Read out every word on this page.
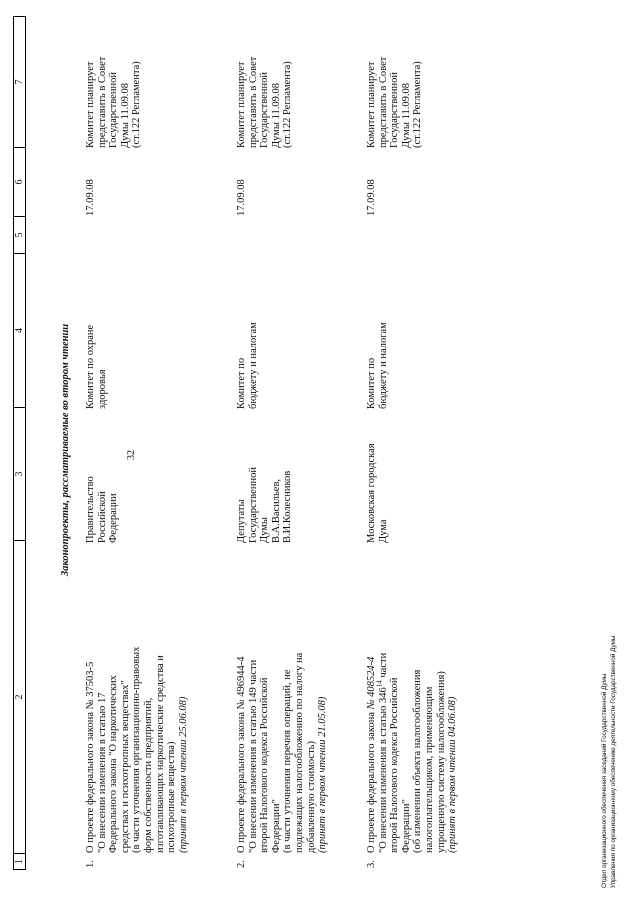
32
1
2
3
4
5
6
7
Законопроекты, рассматриваемые во втором чтении
1.
О проекте федерального закона № 37503-5 "О внесении изменения в статью 17 Федерального закона "О наркотических средствах и психотропных веществах" (в части уточнения организационно-правовых форм собственности предприятий, изготавливающих наркотические средства и психотропные вещества) (принят в первом чтении 25.06.08)
Правительство Российской Федерации
Комитет по охране здоровья
17.09.08
Комитет планирует представить в Совет Государственной Думы 11.09.08 (ст.122 Регламента)
2.
О проекте федерального закона № 496944-4 "О внесении изменения в статью 149 части второй Налогового кодекса Российской Федерации" (в части уточнения перечня операций, не подлежащих налогообложению по налогу на добавленную стоимость) (принят в первом чтении 21.05.08)
Депутаты Государственной Думы В.А.Васильев, В.И.Колесников
Комитет по бюджету и налогам
17.09.08
Комитет планирует представить в Совет Государственной Думы 11.09.08 (ст.122 Регламента)
3.
О проекте федерального закона № 408524-4
"О внесении изменения в статью $346^{14}$ части
второй Налогового кодекса Российской Федерации" (об изменении объекта налогообложения налогоплательщиком, применяющим упрощенную систему налогообложения) (принят в первом чтении 04.06.08)
Московская городская Дума
Комитет по бюджету и налогам
17.09.08
Комитет планирует представить в Совет Государственной Думы 11.09.08 (ст.122 Регламента)
Отдел организационного обеспечения заседаний Государственной Думы Управления по организационному обеспечению деятельности Государственной Думы
